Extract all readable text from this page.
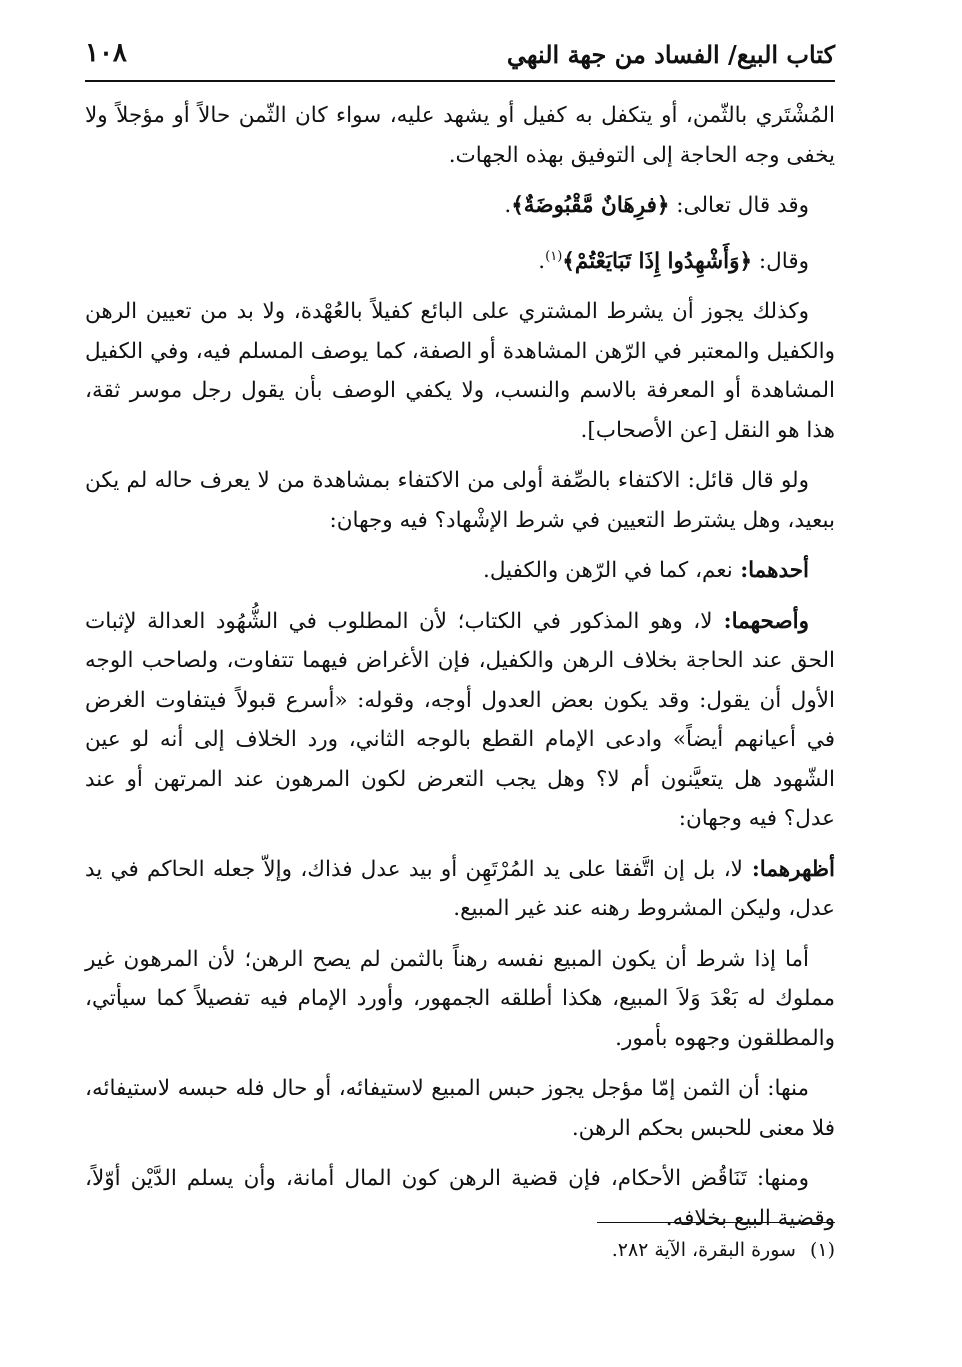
كتاب البيع/ الفساد من جهة النهي
١٠٨

المُشْتَري بالثّمن، أو يتكفل به كفيل أو يشهد عليه، سواء كان الثّمن حالاً أو مؤجلاً ولا يخفى وجه الحاجة إلى التوفيق بهذه الجهات.

وقد قال تعالى: ﴿فرِهَانٌ مَّقْبُوضَةٌ﴾.

وقال: ﴿وَأَشْهِدُوا إِذَا تَبَايَعْتُمْ﴾$^{(١)}$.

وكذلك يجوز أن يشرط المشتري على البائع كفيلاً بالعُهْدة، ولا بد من تعيين الرهن والكفيل والمعتبر في الرّهن المشاهدة أو الصفة، كما يوصف المسلم فيه، وفي الكفيل المشاهدة أو المعرفة بالاسم والنسب، ولا يكفي الوصف بأن يقول رجل موسر ثقة، هذا هو النقل [عن الأصحاب].

ولو قال قائل: الاكتفاء بالصِّفة أولى من الاكتفاء بمشاهدة من لا يعرف حاله لم يكن ببعيد، وهل يشترط التعيين في شرط الإشْهاد؟ فيه وجهان:

أحدهما: نعم، كما في الرّهن والكفيل.

وأصحهما: لا، وهو المذكور في الكتاب؛ لأن المطلوب في الشُّهُود العدالة لإثبات الحق عند الحاجة بخلاف الرهن والكفيل، فإن الأغراض فيهما تتفاوت، ولصاحب الوجه الأول أن يقول: وقد يكون بعض العدول أوجه، وقوله: «أسرع قبولاً فيتفاوت الغرض في أعيانهم أيضاً» وادعى الإمام القطع بالوجه الثاني، ورد الخلاف إلى أنه لو عين الشّهود هل يتعيَّنون أم لا؟ وهل يجب التعرض لكون المرهون عند المرتهن أو عند عدل؟ فيه وجهان:

أظهرهما: لا، بل إن اتَّفقا على يد المُرْتَهِن أو بيد عدل فذاك، وإلاّ جعله الحاكم في يد عدل، وليكن المشروط رهنه عند غير المبيع.

أما إذا شرط أن يكون المبيع نفسه رهناً بالثمن لم يصح الرهن؛ لأن المرهون غير مملوك له بَعْدَ وَلاَ المبيع، هكذا أطلقه الجمهور، وأورد الإمام فيه تفصيلاً كما سيأتي، والمطلقون وجهوه بأمور.

منها: أن الثمن إمّا مؤجل يجوز حبس المبيع لاستيفائه، أو حال فله حبسه لاستيفائه، فلا معنى للحبس بحكم الرهن.

ومنها: تَنَاقُض الأحكام، فإن قضية الرهن كون المال أمانة، وأن يسلم الدَّيْن أوّلاً، وقضية البيع بخلافه.

(١)سورة البقرة، الآية ٢٨٢.
